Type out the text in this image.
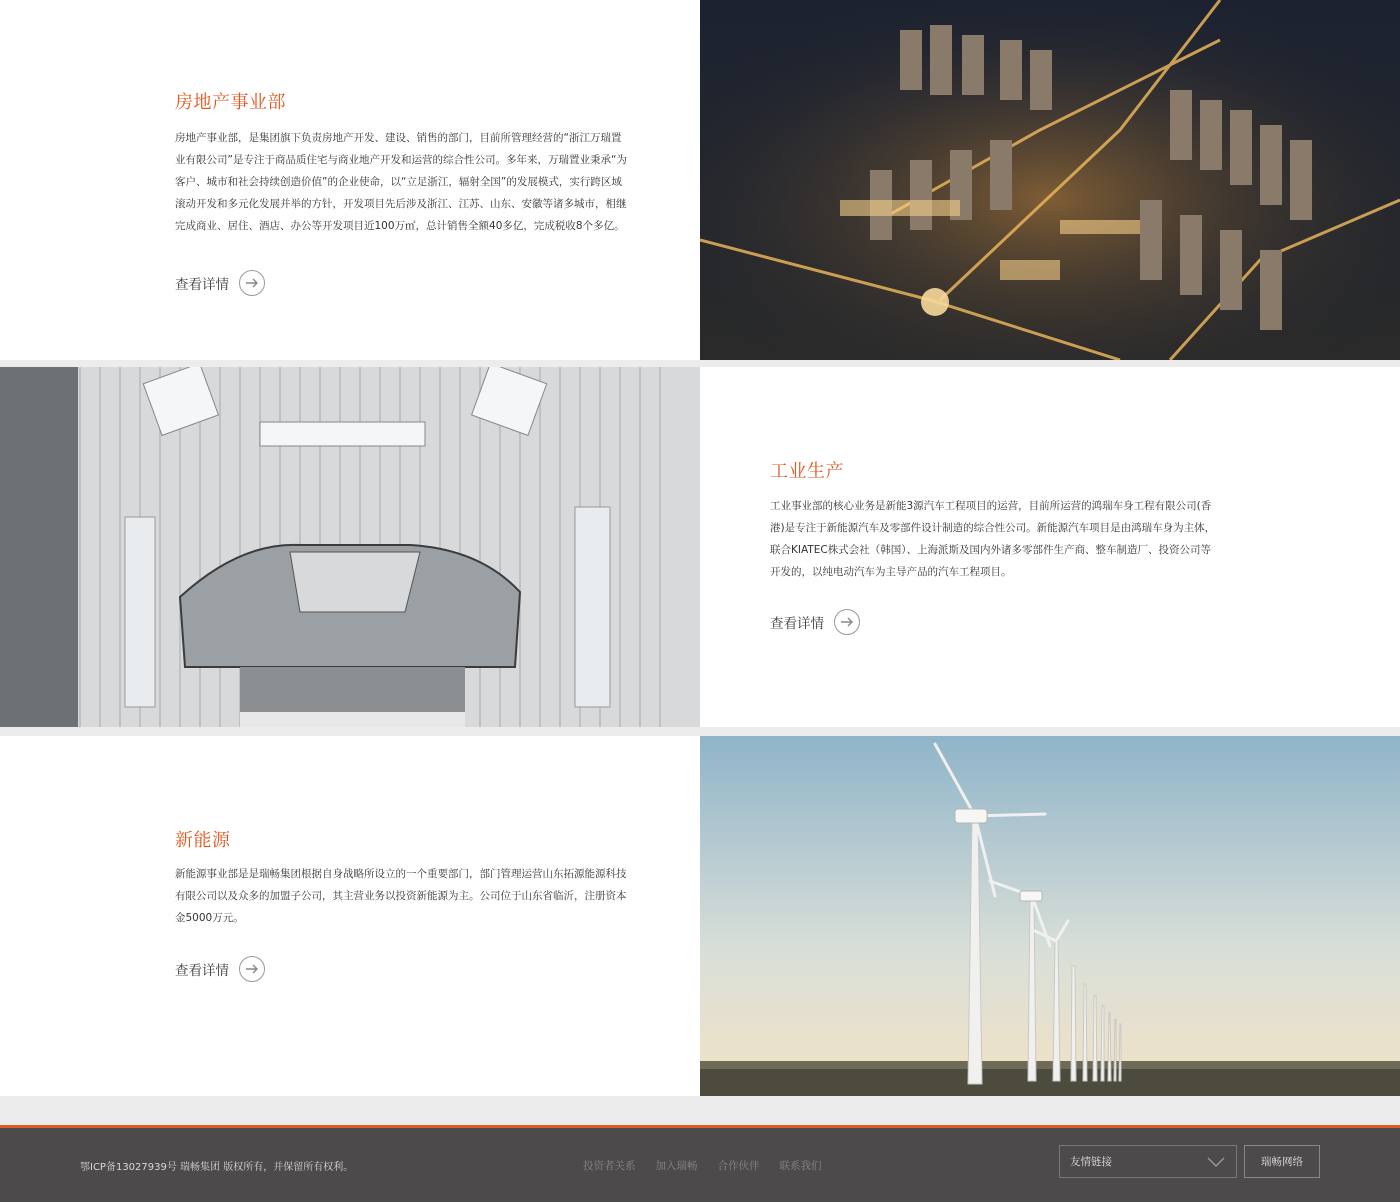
房地产事业部

房地产事业部，是集团旗下负责房地产开发、建设、销售的部门，目前所管理经营的“浙江万瑞置业有限公司”是专注于商品质住宅与商业地产开发和运营的综合性公司。多年来，万瑞置业秉承“为客户、城市和社会持续创造价值”的企业使命，以“立足浙江，辐射全国”的发展模式，实行跨区域滚动开发和多元化发展并举的方针，开发项目先后涉及浙江、江苏、山东、安徽等诸多城市，相继完成商业、居住、酒店、办公等开发项目近100万㎡，总计销售全额40多亿，完成税收8个多亿。

查看详情
工业生产

工业事业部的核心业务是新能3源汽车工程项目的运营，目前所运营的鸿瑞车身工程有限公司(香港)是专注于新能源汽车及零部件设计制造的综合性公司。新能源汽车项目是由鸿瑞车身为主体，联合KIATEC株式会社（韩国）、上海派斯及国内外诸多零部件生产商、整车制造厂、投资公司等开发的，以纯电动汽车为主导产品的汽车工程项目。

查看详情
新能源

新能源事业部是是瑞畅集团根据自身战略所设立的一个重要部门，部门管理运营山东拓源能源科技有限公司以及众多的加盟子公司，其主营业务以投资新能源为主。公司位于山东省临沂，注册资本金5000万元。

查看详情
鄂ICP备13027939号 瑞畅集团 版权所有，并保留所有权利。	投资者关系 加入瑞畅 合作伙伴 联系我们	友情链接	瑞畅网络
